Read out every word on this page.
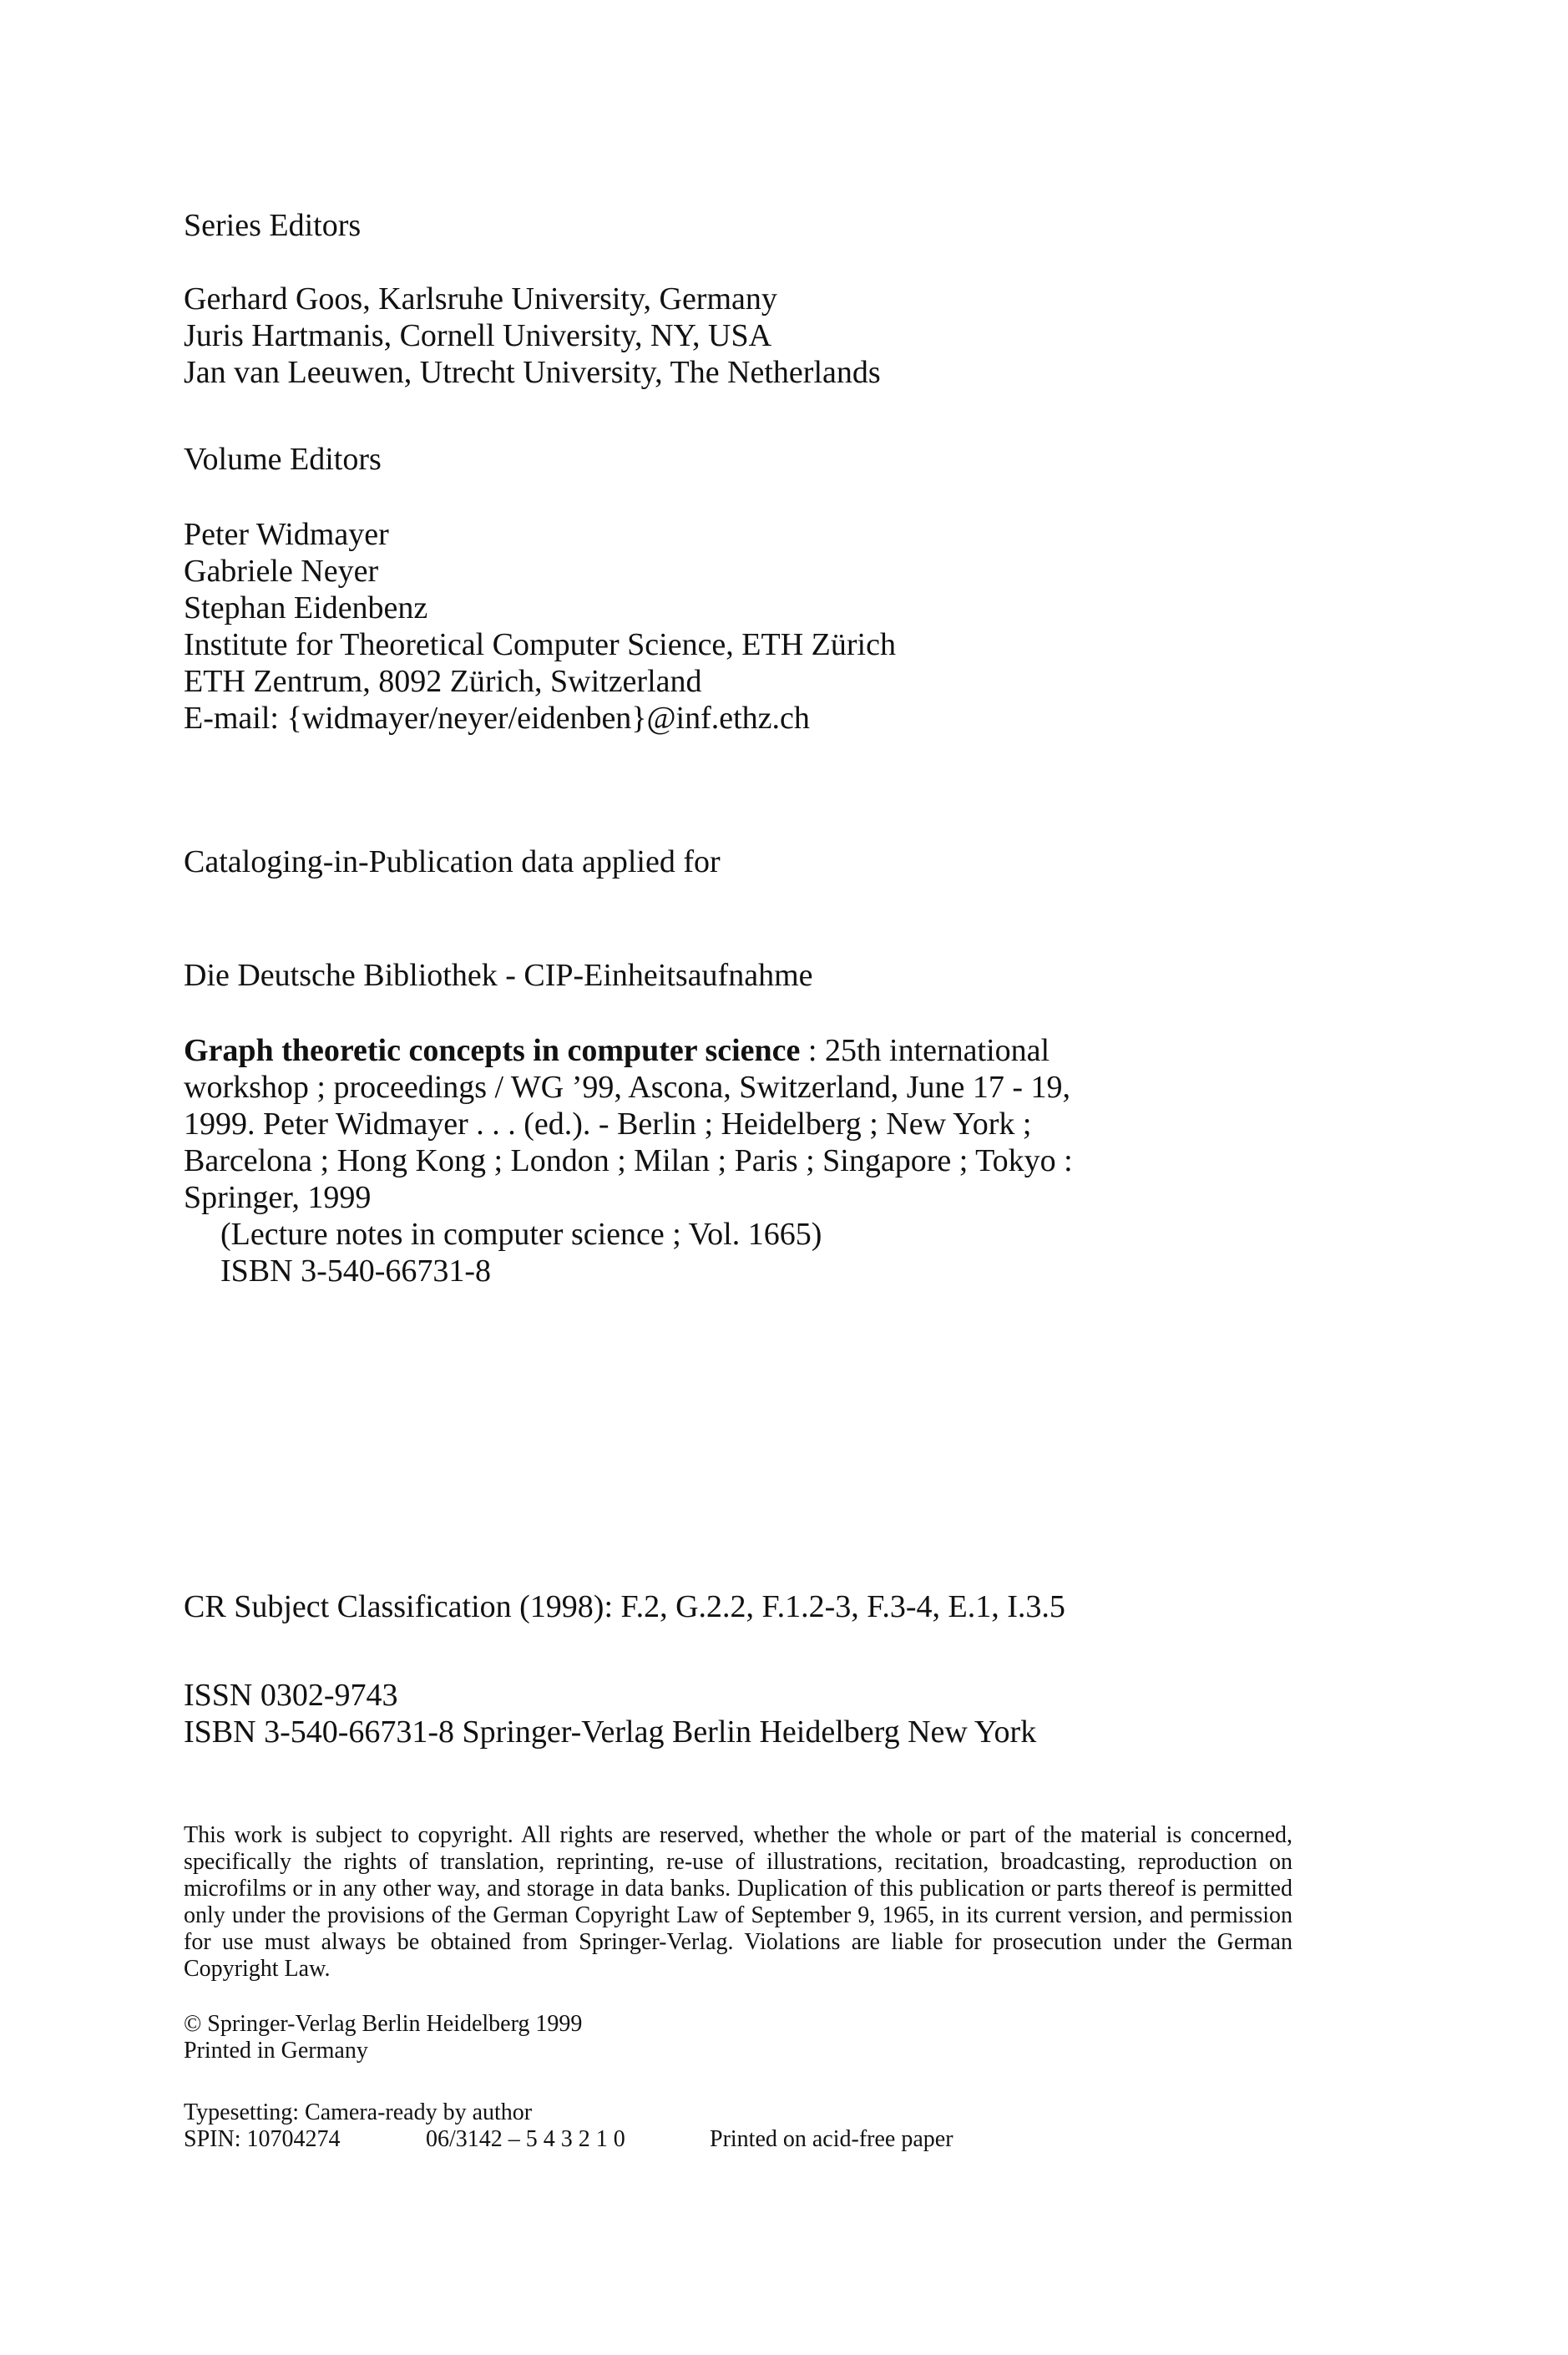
Series Editors

Gerhard Goos, Karlsruhe University, Germany

Juris Hartmanis, Cornell University, NY, USA

Jan van Leeuwen, Utrecht University, The Netherlands

Volume Editors

Peter Widmayer

Gabriele Neyer

Stephan Eidenbenz

Institute for Theoretical Computer Science, ETH Zürich

ETH Zentrum, 8092 Zürich, Switzerland

E-mail: {widmayer/neyer/eidenben}@inf.ethz.ch

Cataloging-in-Publication data applied for

Die Deutsche Bibliothek - CIP-Einheitsaufnahme

Graph theoretic concepts in computer science : 25th international workshop ; proceedings / WG ’99, Ascona, Switzerland, June 17 - 19, 1999. Peter Widmayer . . . (ed.). - Berlin ; Heidelberg ; New York ; Barcelona ; Hong Kong ; London ; Milan ; Paris ; Singapore ; Tokyo : Springer, 1999

(Lecture notes in computer science ; Vol. 1665)

ISBN 3-540-66731-8

CR Subject Classification (1998): F.2, G.2.2, F.1.2-3, F.3-4, E.1, I.3.5

ISSN 0302-9743

ISBN 3-540-66731-8 Springer-Verlag Berlin Heidelberg New York

This work is subject to copyright. All rights are reserved, whether the whole or part of the material is concerned, specifically the rights of translation, reprinting, re-use of illustrations, recitation, broadcasting, reproduction on microfilms or in any other way, and storage in data banks. Duplication of this publication or parts thereof is permitted only under the provisions of the German Copyright Law of September 9, 1965, in its current version, and permission for use must always be obtained from Springer-Verlag. Violations are liable for prosecution under the German Copyright Law.

© Springer-Verlag Berlin Heidelberg 1999

Printed in Germany

Typesetting: Camera-ready by author

SPIN: 10704274	06/3142 – 5 4 3 2 1 0	Printed on acid-free paper
